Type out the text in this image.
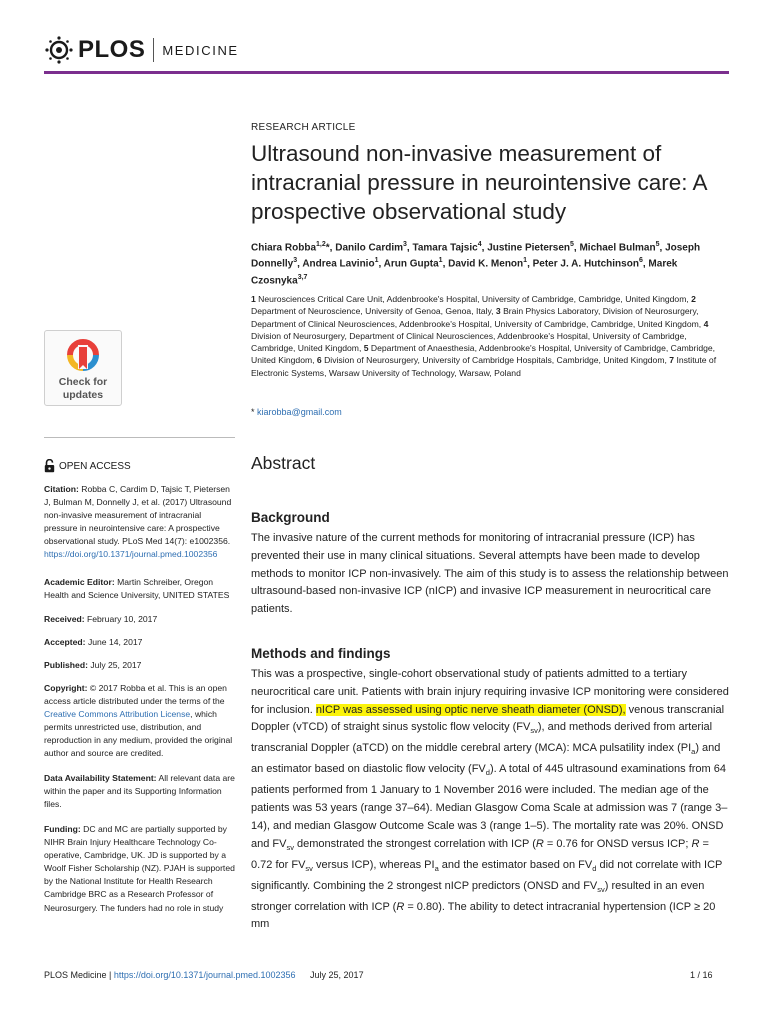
PLOS MEDICINE
Check for
updates
OPEN ACCESS
Citation: Robba C, Cardim D, Tajsic T, Pietersen J, Bulman M, Donnelly J, et al. (2017) Ultrasound non-invasive measurement of intracranial pressure in neurointensive care: A prospective observational study. PLoS Med 14(7): e1002356. https://doi.org/10.1371/journal.pmed.1002356
Academic Editor: Martin Schreiber, Oregon Health and Science University, UNITED STATES
Received: February 10, 2017
Accepted: June 14, 2017
Published: July 25, 2017
Copyright: © 2017 Robba et al. This is an open access article distributed under the terms of the Creative Commons Attribution License, which permits unrestricted use, distribution, and reproduction in any medium, provided the original author and source are credited.
Data Availability Statement: All relevant data are within the paper and its Supporting Information files.
Funding: DC and MC are partially supported by NIHR Brain Injury Healthcare Technology Co-operative, Cambridge, UK. JD is supported by a Woolf Fisher Scholarship (NZ). PJAH is supported by the National Institute for Health Research Cambridge BRC as a Research Professor of Neurosurgery. The funders had no role in study
RESEARCH ARTICLE
Ultrasound non-invasive measurement of intracranial pressure in neurointensive care: A prospective observational study
Chiara Robba$^{1,2}$*, Danilo Cardim$^3$, Tamara Tajsic$^4$, Justine Pietersen$^5$, Michael Bulman$^5$, Joseph Donnelly$^3$, Andrea Lavinio$^1$, Arun Gupta$^1$, David K. Menon$^1$, Peter J. A. Hutchinson$^6$, Marek Czosnyka$^{3,7}$
1 Neurosciences Critical Care Unit, Addenbrooke's Hospital, University of Cambridge, Cambridge, United Kingdom, 2 Department of Neuroscience, University of Genoa, Genoa, Italy, 3 Brain Physics Laboratory, Division of Neurosurgery, Department of Clinical Neurosciences, Addenbrooke's Hospital, University of Cambridge, Cambridge, United Kingdom, 4 Division of Neurosurgery, Department of Clinical Neurosciences, Addenbrooke's Hospital, University of Cambridge, Cambridge, United Kingdom, 5 Department of Anaesthesia, Addenbrooke's Hospital, University of Cambridge, Cambridge, United Kingdom, 6 Division of Neurosurgery, University of Cambridge Hospitals, Cambridge, United Kingdom, 7 Institute of Electronic Systems, Warsaw University of Technology, Warsaw, Poland
* kiarobba@gmail.com
Abstract
Background
The invasive nature of the current methods for monitoring of intracranial pressure (ICP) has prevented their use in many clinical situations. Several attempts have been made to develop methods to monitor ICP non-invasively. The aim of this study is to assess the relationship between ultrasound-based non-invasive ICP (nICP) and invasive ICP measurement in neurocritical care patients.
Methods and findings
This was a prospective, single-cohort observational study of patients admitted to a tertiary neurocritical care unit. Patients with brain injury requiring invasive ICP monitoring were considered for inclusion. nICP was assessed using optic nerve sheath diameter (ONSD), venous transcranial Doppler (vTCD) of straight sinus systolic flow velocity $(FV_{sv})$, and methods derived from arterial transcranial Doppler (aTCD) on the middle cerebral artery (MCA): MCA pulsatility index $(PI_a)$ and an estimator based on diastolic flow velocity $(FV_d)$. A total of 445 ultrasound examinations from 64 patients performed from 1 January to 1 November 2016 were included. The median age of the patients was 53 years (range 37–64). Median Glasgow Coma Scale at admission was 7 (range 3–14), and median Glasgow Outcome Scale was 3 (range 1–5). The mortality rate was 20%. ONSD and $FV_{sv}$ demonstrated the strongest correlation with ICP (R = 0.76 for ONSD versus ICP; R = 0.72 for $FV_{sv}$ versus ICP), whereas $PI_a$ and the estimator based on $FV_d$ did not correlate with ICP significantly. Combining the 2 strongest nICP predictors (ONSD and $FV_{sv}$) resulted in an even stronger correlation with ICP (R = 0.80). The ability to detect intracranial hypertension (ICP ≥ 20 mm
PLOS Medicine | https://doi.org/10.1371/journal.pmed.1002356 July 25, 2017	1 / 16
